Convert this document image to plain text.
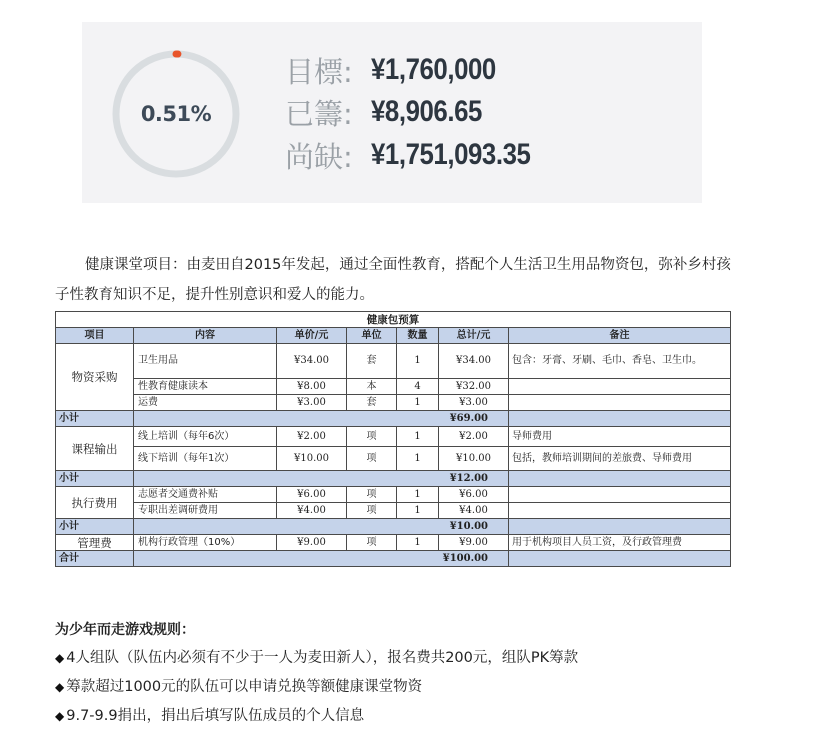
0.51%
目標: ¥1,760,000
已籌: ¥8,906.65
尚缺: ¥1,751,093.35
健康课堂项目：由麦田自2015年发起，通过全面性教育，搭配个人生活卫生用品物资包，弥补乡村孩子性教育知识不足，提升性别意识和爱人的能力。
健康包预算						
项目	内容	单价/元	单位	数量	总计/元	备注
物资采购	卫生用品	¥34.00	套	1	¥34.00	包含：牙膏、牙刷、毛巾、香皂、卫生巾。
	性教育健康读本	¥8.00	本	4	¥32.00	
	运费	¥3.00	套	1	¥3.00	
小计	¥69.00					
课程输出	线上培训（每年6次）	¥2.00	项	1	¥2.00	导师费用
	线下培训（每年1次）	¥10.00	项	1	¥10.00	包括，教师培训期间的差旅费、导师费用
小计	¥12.00					
执行费用	志愿者交通费补贴	¥6.00	项	1	¥6.00	
	专职出差调研费用	¥4.00	项	1	¥4.00	
小计	¥10.00					
管理费	机构行政管理（10%）	¥9.00	项	1	¥9.00	用于机构项目人员工资，及行政管理费
合计	¥100.00					
为少年而走游戏规则：
◆ 4人组队（队伍内必须有不少于一人为麦田新人），报名费共200元，组队PK筹款
◆ 筹款超过1000元的队伍可以申请兑换等额健康课堂物资
◆ 9.7-9.9捐出，捐出后填写队伍成员的个人信息
